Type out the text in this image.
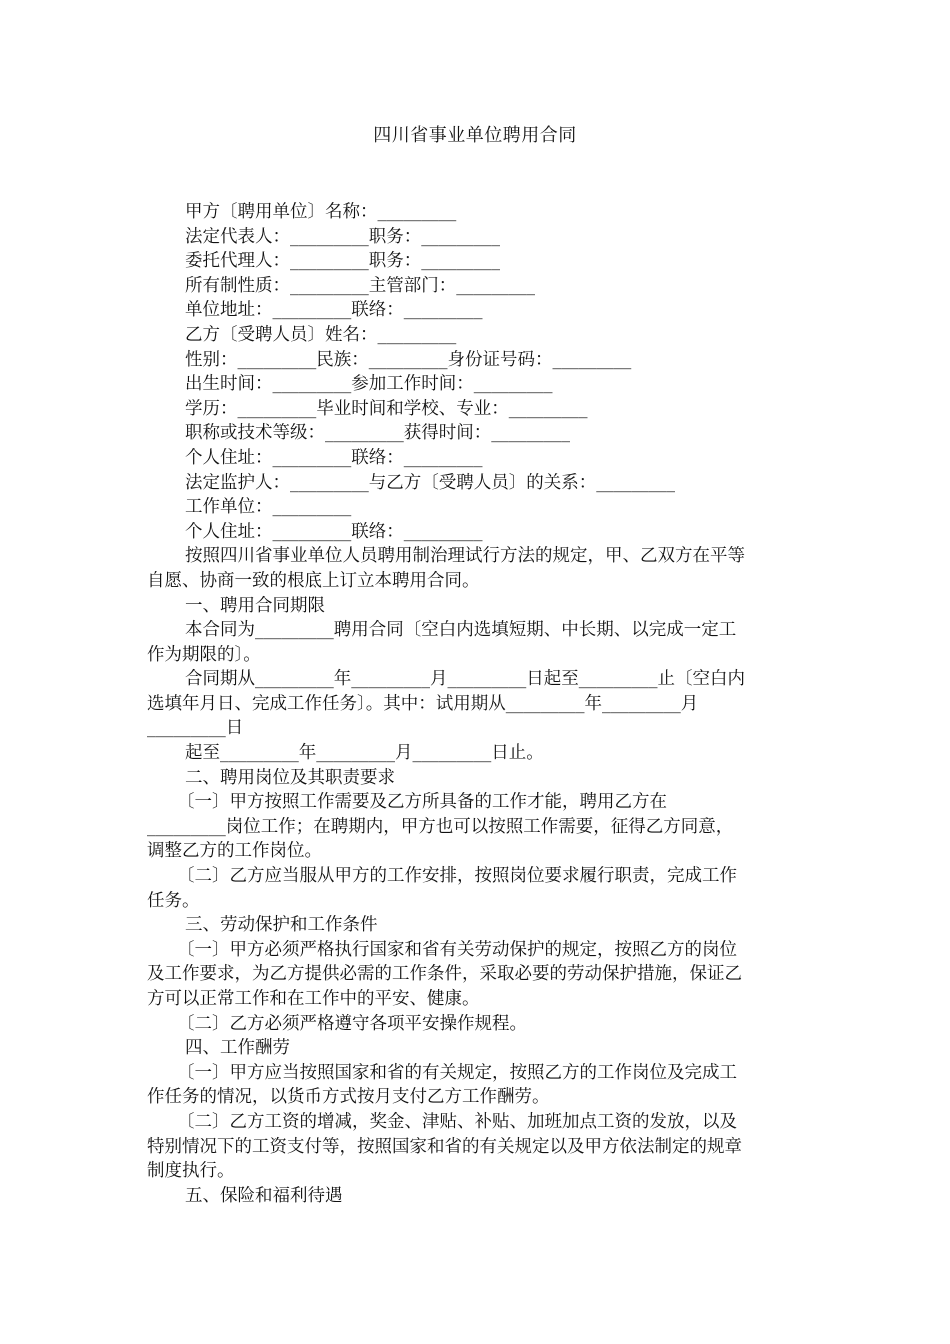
四川省事业单位聘用合同
甲方〔聘用单位〕名称：_________
法定代表人：_________职务：_________
委托代理人：_________职务：_________
所有制性质：_________主管部门：_________
单位地址：_________联络：_________
乙方〔受聘人员〕姓名：_________
性别：_________民族：_________身份证号码：_________
出生时间：_________参加工作时间：_________
学历：_________毕业时间和学校、专业：_________
职称或技术等级：_________获得时间：_________
个人住址：_________联络：_________
法定监护人：_________与乙方〔受聘人员〕的关系：_________
工作单位：_________
个人住址：_________联络：_________
按照四川省事业单位人员聘用制治理试行方法的规定，甲、乙双方在平等
自愿、协商一致的根底上订立本聘用合同。
一、聘用合同期限
本合同为_________聘用合同〔空白内选填短期、中长期、以完成一定工
作为期限的〕。
合同期从_________年_________月_________日起至_________止〔空白内
选填年月日、完成工作任务〕。其中：试用期从_________年_________月
_________日
起至_________年_________月_________日止。
二、聘用岗位及其职责要求
〔一〕甲方按照工作需要及乙方所具备的工作才能，聘用乙方在
_________岗位工作；在聘期内，甲方也可以按照工作需要，征得乙方同意，
调整乙方的工作岗位。
〔二〕乙方应当服从甲方的工作安排，按照岗位要求履行职责，完成工作
任务。
三、劳动保护和工作条件
〔一〕甲方必须严格执行国家和省有关劳动保护的规定，按照乙方的岗位
及工作要求，为乙方提供必需的工作条件，采取必要的劳动保护措施，保证乙
方可以正常工作和在工作中的平安、健康。
〔二〕乙方必须严格遵守各项平安操作规程。
四、工作酬劳
〔一〕甲方应当按照国家和省的有关规定，按照乙方的工作岗位及完成工
作任务的情况，以货币方式按月支付乙方工作酬劳。
〔二〕乙方工资的增减，奖金、津贴、补贴、加班加点工资的发放，以及
特别情况下的工资支付等，按照国家和省的有关规定以及甲方依法制定的规章
制度执行。
五、保险和福利待遇
